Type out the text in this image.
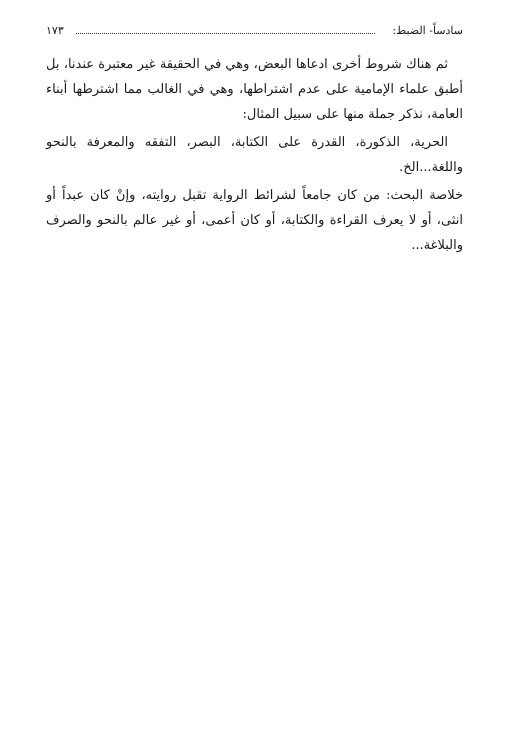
سادساً- الضبط:
١٧٣

ثم هناك شروط أخرى ادعاها البعض، وهي في الحقيقة غير معتبرة عندنا، بل أطبق علماء الإمامية على عدم اشتراطها، وهي في الغالب مما اشترطها أبناء العامة، نذكر جملة منها على سبيل المثال:

الحرية، الذكورة، القدرة على الكتابة، البصر، التفقه والمعرفة بالنحو واللغة...الخ.

خلاصة البحث: من كان جامعاً لشرائط الرواية تقبل روايته، وإنْ كان عبداً أو انثى، أو لا يعرف القراءة والكتابة، أو كان أعمى، أو غير عالم بالنحو والصرف والبلاغة...
